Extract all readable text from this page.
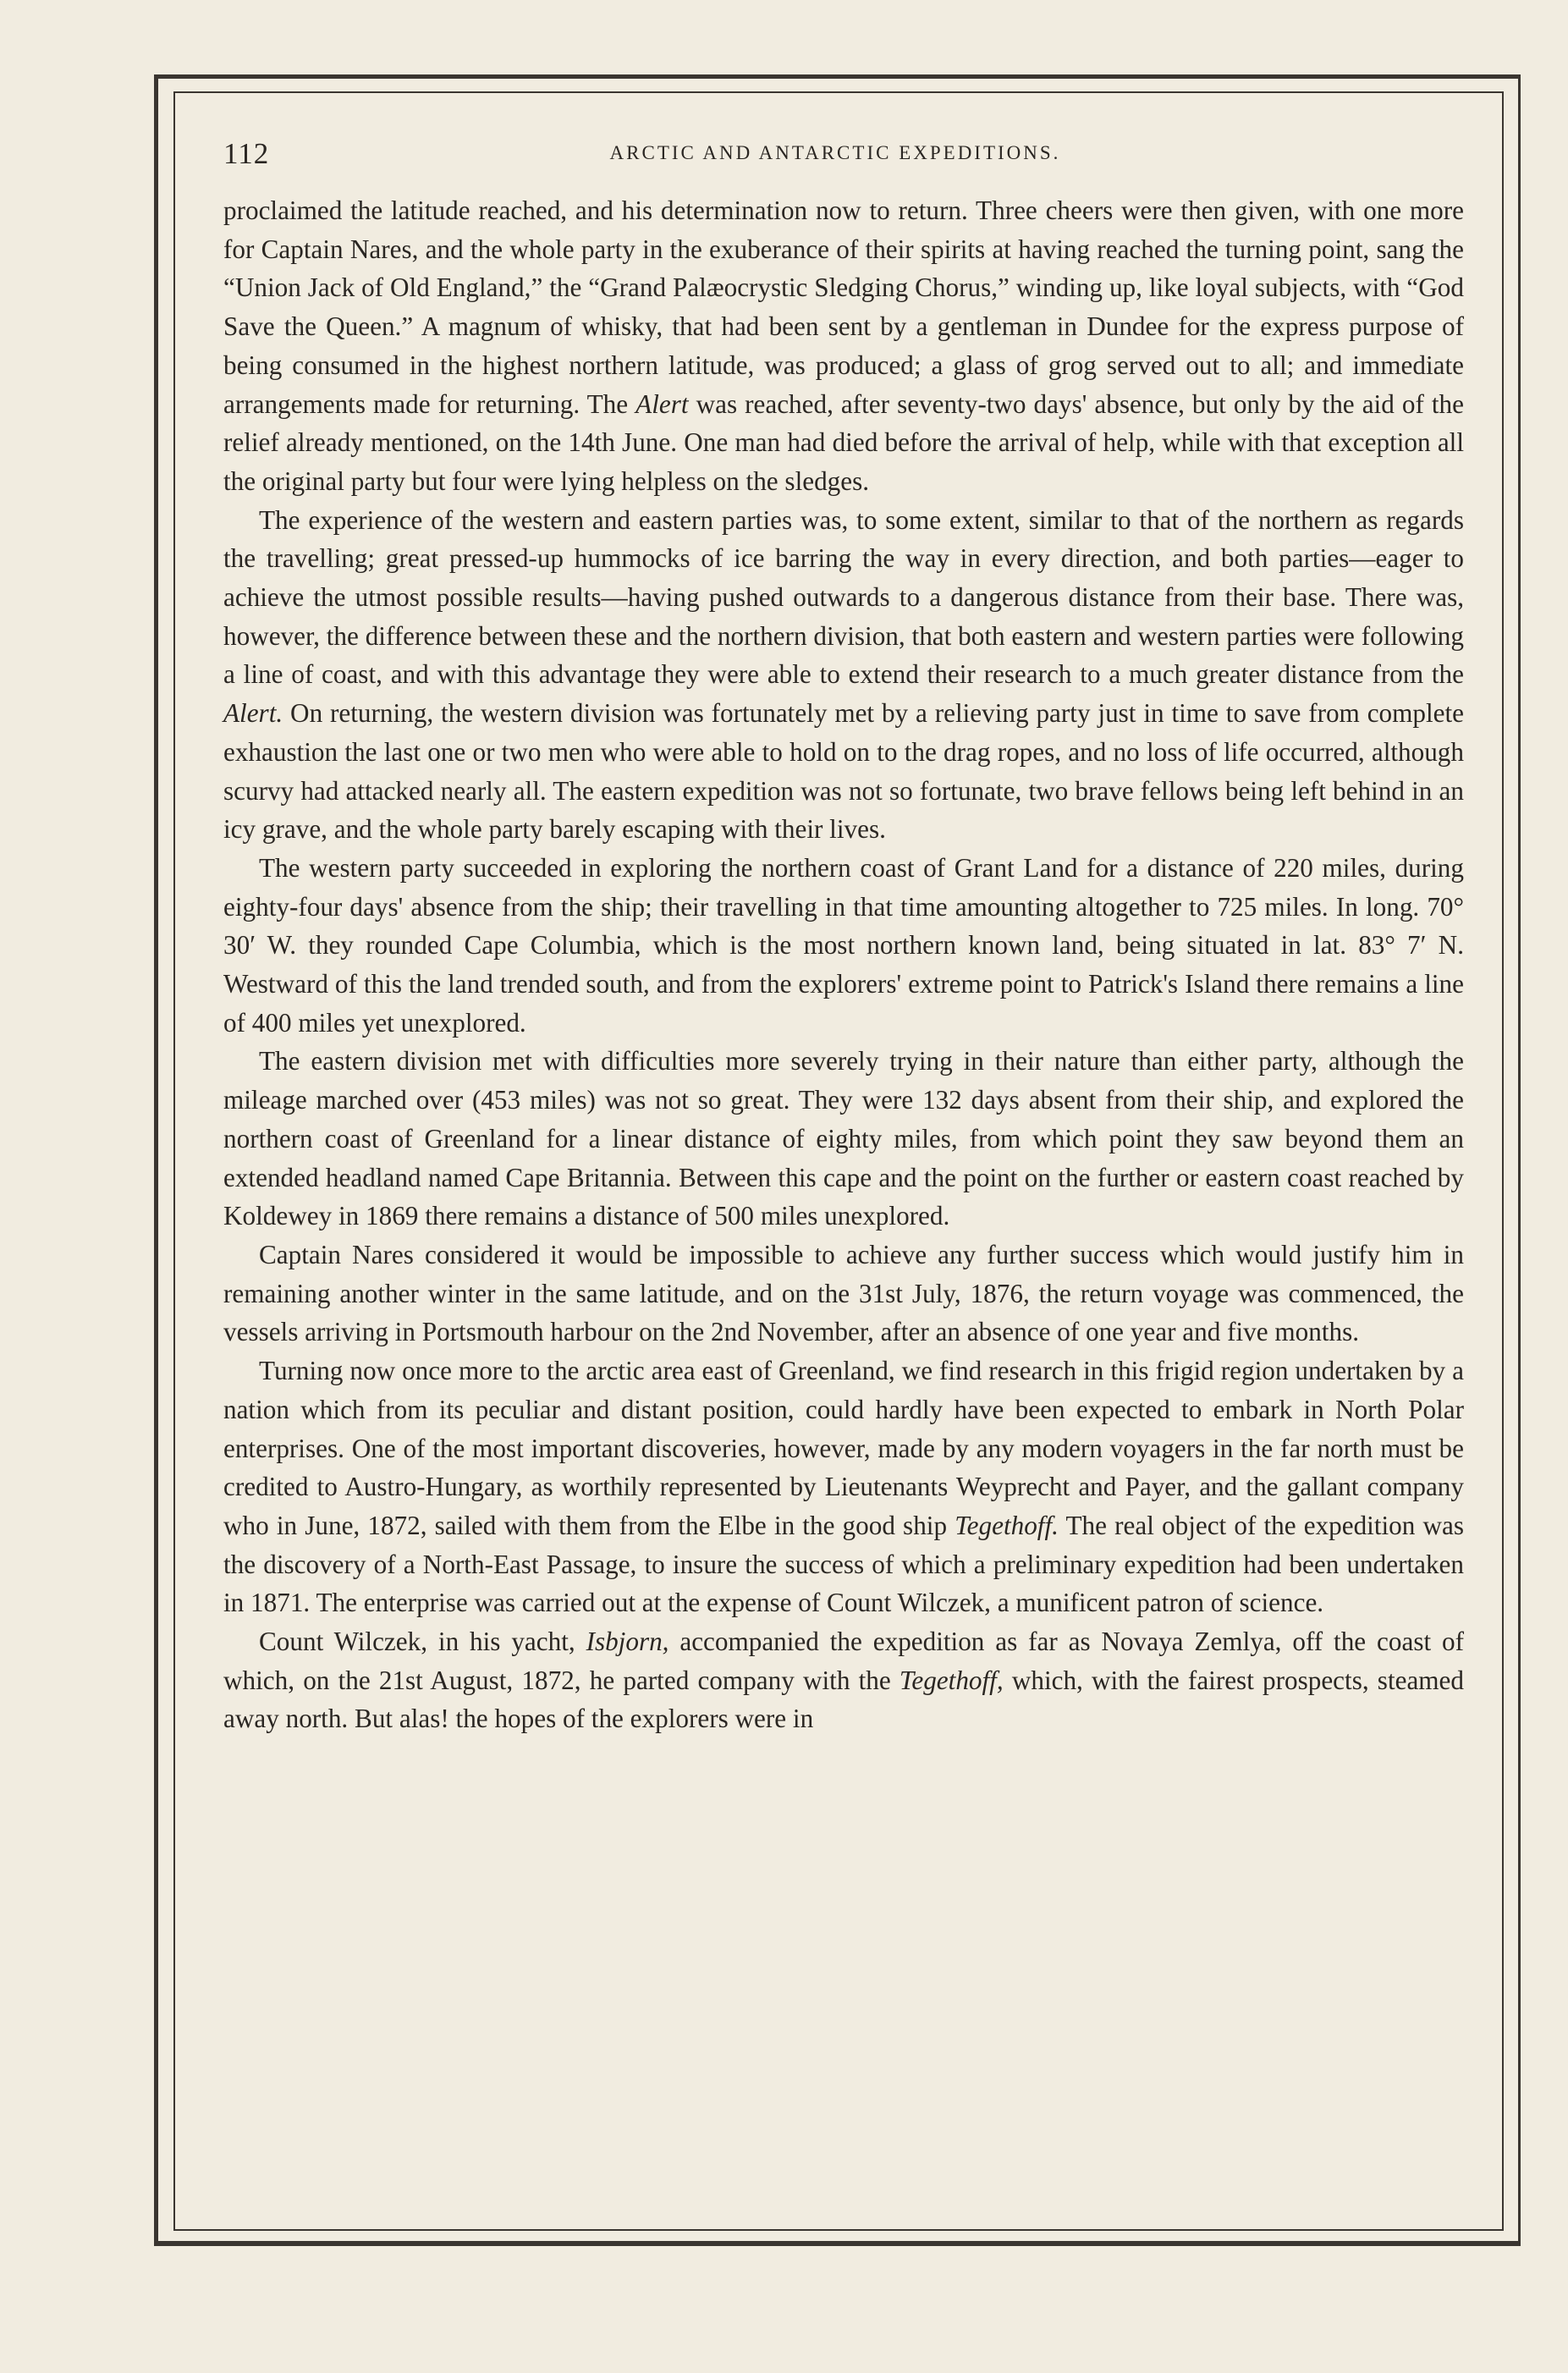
112	ARCTIC AND ANTARCTIC EXPEDITIONS.

proclaimed the latitude reached, and his determination now to return. Three cheers were then given, with one more for Captain Nares, and the whole party in the exuberance of their spirits at having reached the turning point, sang the “Union Jack of Old England,” the “Grand Palæocrystic Sledging Chorus,” winding up, like loyal subjects, with “God Save the Queen.” A magnum of whisky, that had been sent by a gentleman in Dundee for the express purpose of being consumed in the highest northern latitude, was produced; a glass of grog served out to all; and immediate arrangements made for returning. The Alert was reached, after seventy-two days' absence, but only by the aid of the relief already mentioned, on the 14th June. One man had died before the arrival of help, while with that exception all the original party but four were lying helpless on the sledges.

The experience of the western and eastern parties was, to some extent, similar to that of the northern as regards the travelling; great pressed-up hummocks of ice barring the way in every direction, and both parties—eager to achieve the utmost possible results—having pushed outwards to a dangerous distance from their base. There was, however, the difference between these and the northern division, that both eastern and western parties were following a line of coast, and with this advantage they were able to extend their research to a much greater distance from the Alert. On returning, the western division was fortunately met by a relieving party just in time to save from complete exhaustion the last one or two men who were able to hold on to the drag ropes, and no loss of life occurred, although scurvy had attacked nearly all. The eastern expedition was not so fortunate, two brave fellows being left behind in an icy grave, and the whole party barely escaping with their lives.

The western party succeeded in exploring the northern coast of Grant Land for a distance of 220 miles, during eighty-four days' absence from the ship; their travelling in that time amounting altogether to 725 miles. In long. 70° 30′ W. they rounded Cape Columbia, which is the most northern known land, being situated in lat. 83° 7′ N. Westward of this the land trended south, and from the explorers' extreme point to Patrick's Island there remains a line of 400 miles yet unexplored.

The eastern division met with difficulties more severely trying in their nature than either party, although the mileage marched over (453 miles) was not so great. They were 132 days absent from their ship, and explored the northern coast of Greenland for a linear distance of eighty miles, from which point they saw beyond them an extended headland named Cape Britannia. Between this cape and the point on the further or eastern coast reached by Koldewey in 1869 there remains a distance of 500 miles unexplored.

Captain Nares considered it would be impossible to achieve any further success which would justify him in remaining another winter in the same latitude, and on the 31st July, 1876, the return voyage was commenced, the vessels arriving in Portsmouth harbour on the 2nd November, after an absence of one year and five months.

Turning now once more to the arctic area east of Greenland, we find research in this frigid region undertaken by a nation which from its peculiar and distant position, could hardly have been expected to embark in North Polar enterprises. One of the most important discoveries, however, made by any modern voyagers in the far north must be credited to Austro-Hungary, as worthily represented by Lieutenants Weyprecht and Payer, and the gallant company who in June, 1872, sailed with them from the Elbe in the good ship Tegethoff. The real object of the expedition was the discovery of a North-East Passage, to insure the success of which a preliminary expedition had been undertaken in 1871. The enterprise was carried out at the expense of Count Wilczek, a munificent patron of science.

Count Wilczek, in his yacht, Isbjorn, accompanied the expedition as far as Novaya Zemlya, off the coast of which, on the 21st August, 1872, he parted company with the Tegethoff, which, with the fairest prospects, steamed away north. But alas! the hopes of the explorers were in
